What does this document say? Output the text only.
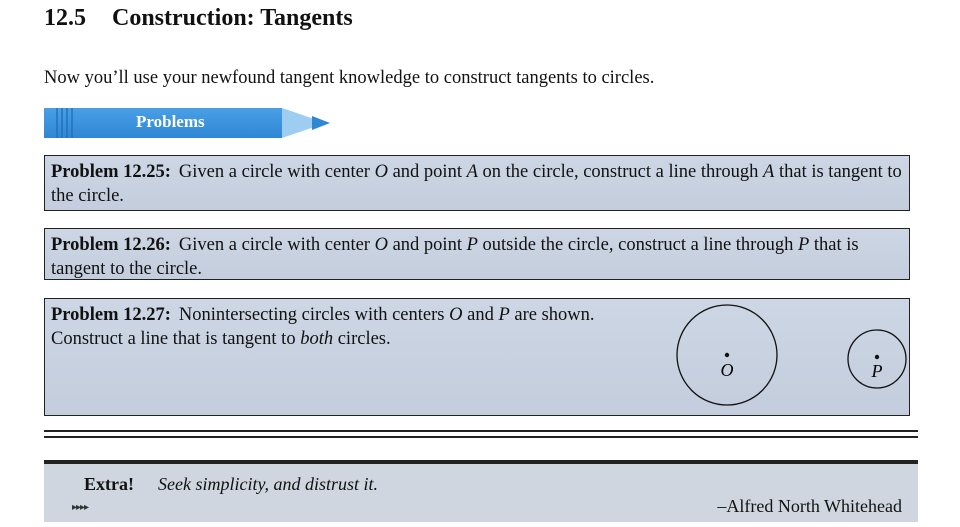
12.5 Construction: Tangents

Now you’ll use your newfound tangent knowledge to construct tangents to circles.

Problems
Problem 12.25: Given a circle with center O and point A on the circle, construct a line through A that is tangent to the circle.
Problem 12.26: Given a circle with center O and point P outside the circle, construct a line through P that is tangent to the circle.
Problem 12.27: Nonintersecting circles with centers O and P are shown. Construct a line that is tangent to both circles.
O	P
Extra! Seek simplicity, and distrust it.
▸▸▸▸	–Alfred North Whitehead
